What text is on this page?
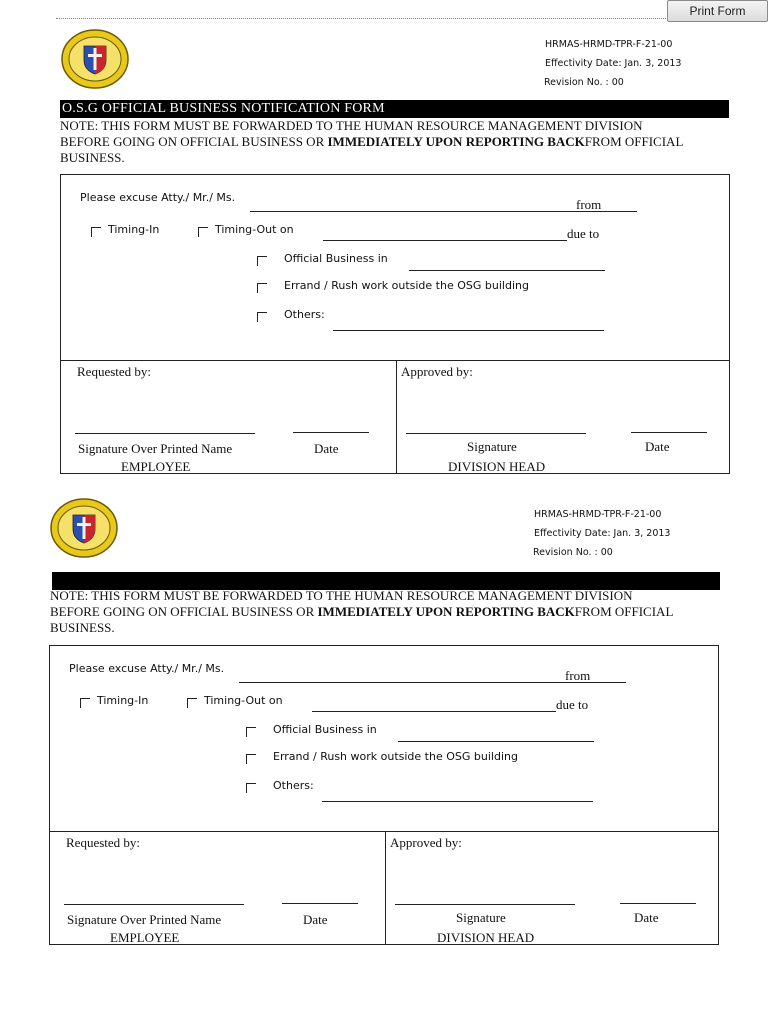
Print Form
HRMAS-HRMD-TPR-F-21-00
Effectivity Date: Jan. 3, 2013
Revision No. : 00
O.S.G OFFICIAL BUSINESS NOTIFICATION FORM
NOTE: THIS FORM MUST BE FORWARDED TO THE HUMAN RESOURCE MANAGEMENT DIVISION
BEFORE GOING ON OFFICIAL BUSINESS OR IMMEDIATELY UPON REPORTING BACKFROM OFFICIAL
BUSINESS.
Please excuse Atty./ Mr./ Ms.	from
Timing-In	Timing-Out on	due to
Official Business in
Errand / Rush work outside the OSG building
Others:
Requested by:	Approved by:
Signature Over Printed Name	Date
EMPLOYEE
Signature	Date
DIVISION HEAD
HRMAS-HRMD-TPR-F-21-00
Effectivity Date: Jan. 3, 2013
Revision No. : 00
NOTE: THIS FORM MUST BE FORWARDED TO THE HUMAN RESOURCE MANAGEMENT DIVISION
BEFORE GOING ON OFFICIAL BUSINESS OR IMMEDIATELY UPON REPORTING BACKFROM OFFICIAL
BUSINESS.
Please excuse Atty./ Mr./ Ms.	from
Timing-In	Timing-Out on	due to
Official Business in
Errand / Rush work outside the OSG building
Others:
Requested by:	Approved by:
Signature Over Printed Name	Date
EMPLOYEE
Signature	Date
DIVISION HEAD
